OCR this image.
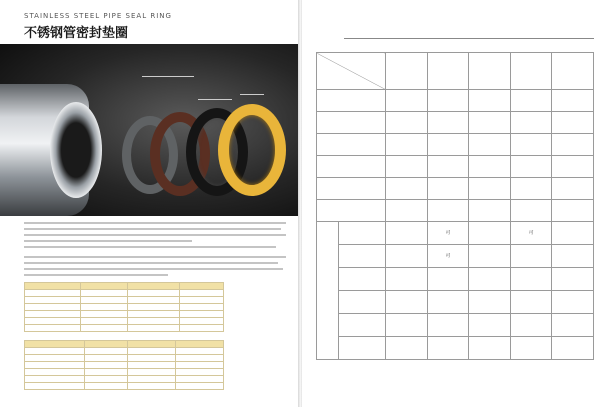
STAINLESS STEEL PIPE SEAL RING
不锈钢管密封垫圈

			可		可		
			可				
